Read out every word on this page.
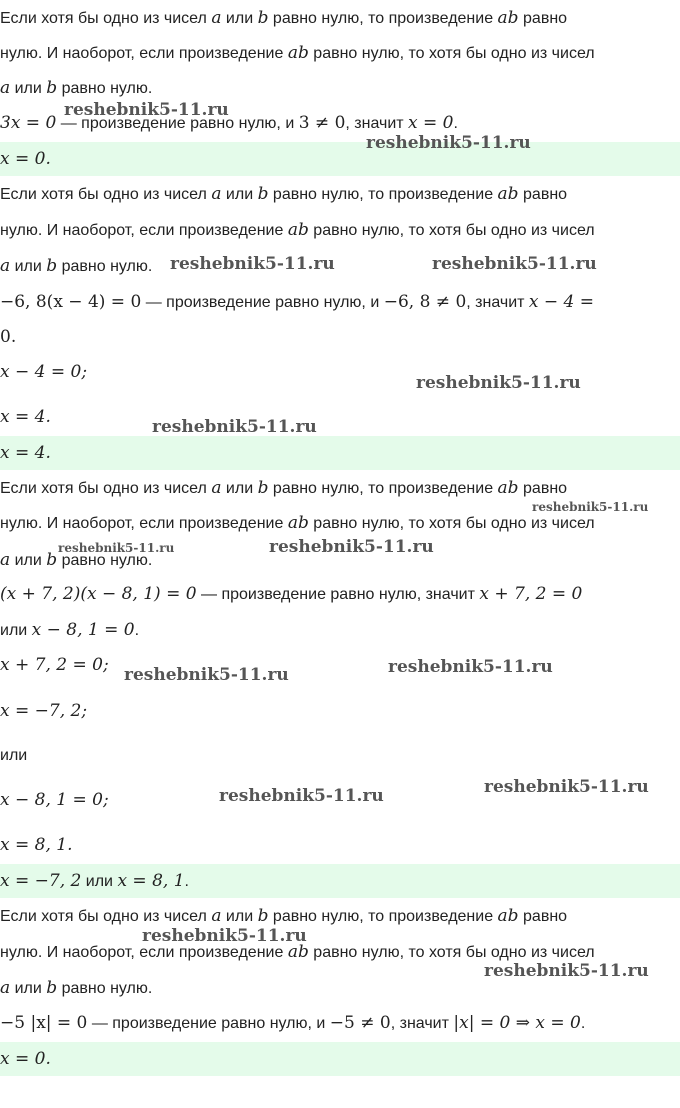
Если хотя бы одно из чисел a или b равно нулю, то произведение ab равно
нулю. И наоборот, если произведение ab равно нулю, то хотя бы одно из чисел
a или b равно нулю.
3x = 0 — произведение равно нулю, и 3 ≠ 0, значит x = 0.
x = 0.
Если хотя бы одно из чисел a или b равно нулю, то произведение ab равно
нулю. И наоборот, если произведение ab равно нулю, то хотя бы одно из чисел
a или b равно нулю.
−6, 8(x − 4) = 0 — произведение равно нулю, и −6, 8 ≠ 0, значит x − 4 =
0.
x − 4 = 0;
x = 4.
x = 4.
Если хотя бы одно из чисел a или b равно нулю, то произведение ab равно
нулю. И наоборот, если произведение ab равно нулю, то хотя бы одно из чисел
a или b равно нулю.
(x + 7, 2)(x − 8, 1) = 0 — произведение равно нулю, значит x + 7, 2 = 0
или x − 8, 1 = 0.
x + 7, 2 = 0;
x = −7, 2;
или
x − 8, 1 = 0;
x = 8, 1.
x = −7, 2 или x = 8, 1.
Если хотя бы одно из чисел a или b равно нулю, то произведение ab равно
нулю. И наоборот, если произведение ab равно нулю, то хотя бы одно из чисел
a или b равно нулю.
−5 |x| = 0 — произведение равно нулю, и −5 ≠ 0, значит |x| = 0 ⇒ x = 0.
x = 0.
reshebnik5-11.ru
reshebnik5-11.ru
reshebnik5-11.ru	reshebnik5-11.ru
reshebnik5-11.ru
reshebnik5-11.ru
reshebnik5-11.ru
reshebnik5-11.ru	reshebnik5-11.ru
reshebnik5-11.ru
reshebnik5-11.ru
reshebnik5-11.ru
reshebnik5-11.ru
reshebnik5-11.ru
reshebnik5-11.ru
